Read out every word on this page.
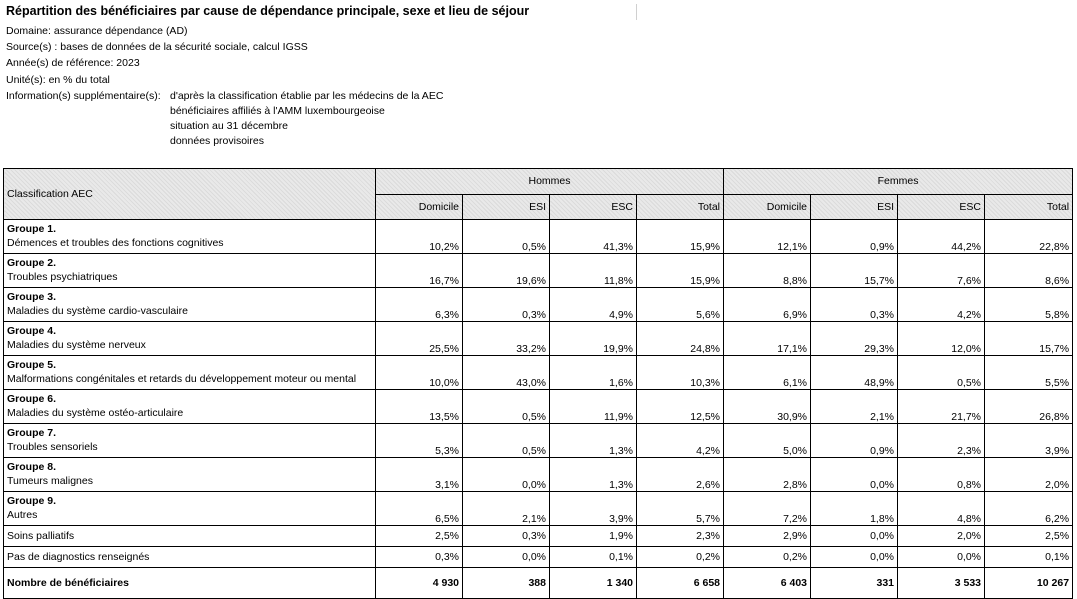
Répartition des bénéficiaires par cause de dépendance principale, sexe et lieu de séjour
Domaine: assurance dépendance (AD)
Source(s) : bases de données de la sécurité sociale, calcul IGSS
Année(s) de référence: 2023
Unité(s): en % du total
Information(s) supplémentaire(s): d'après la classification établie par les médecins de la AEC
bénéficiaires affiliés à l'AMM luxembourgeoise
situation au 31 décembre
données provisoires
Classification AEC	Hommes				Femmes			
	Domicile	ESI	ESC	Total	Domicile	ESI	ESC	Total

Groupe 1.
Démences et troubles des fonctions cognitives	10,2%	0,5%	41,3%	15,9%	12,1%	0,9%	44,2%	22,8%

Groupe 2.
Troubles psychiatriques	16,7%	19,6%	11,8%	15,9%	8,8%	15,7%	7,6%	8,6%

Groupe 3.
Maladies du système cardio-vasculaire	6,3%	0,3%	4,9%	5,6%	6,9%	0,3%	4,2%	5,8%

Groupe 4.
Maladies du système nerveux	25,5%	33,2%	19,9%	24,8%	17,1%	29,3%	12,0%	15,7%

Groupe 5.
Malformations congénitales et retards du développement moteur ou mental	10,0%	43,0%	1,6%	10,3%	6,1%	48,9%	0,5%	5,5%

Groupe 6.
Maladies du système ostéo-articulaire	13,5%	0,5%	11,9%	12,5%	30,9%	2,1%	21,7%	26,8%

Groupe 7.
Troubles sensoriels	5,3%	0,5%	1,3%	4,2%	5,0%	0,9%	2,3%	3,9%

Groupe 8.
Tumeurs malignes	3,1%	0,0%	1,3%	2,6%	2,8%	0,0%	0,8%	2,0%

Groupe 9.
Autres	6,5%	2,1%	3,9%	5,7%	7,2%	1,8%	4,8%	6,2%
Soins palliatifs	2,5%	0,3%	1,9%	2,3%	2,9%	0,0%	2,0%	2,5%
Pas de diagnostics renseignés	0,3%	0,0%	0,1%	0,2%	0,2%	0,0%	0,0%	0,1%
Nombre de bénéficiaires	4 930	388	1 340	6 658	6 403	331	3 533	10 267
